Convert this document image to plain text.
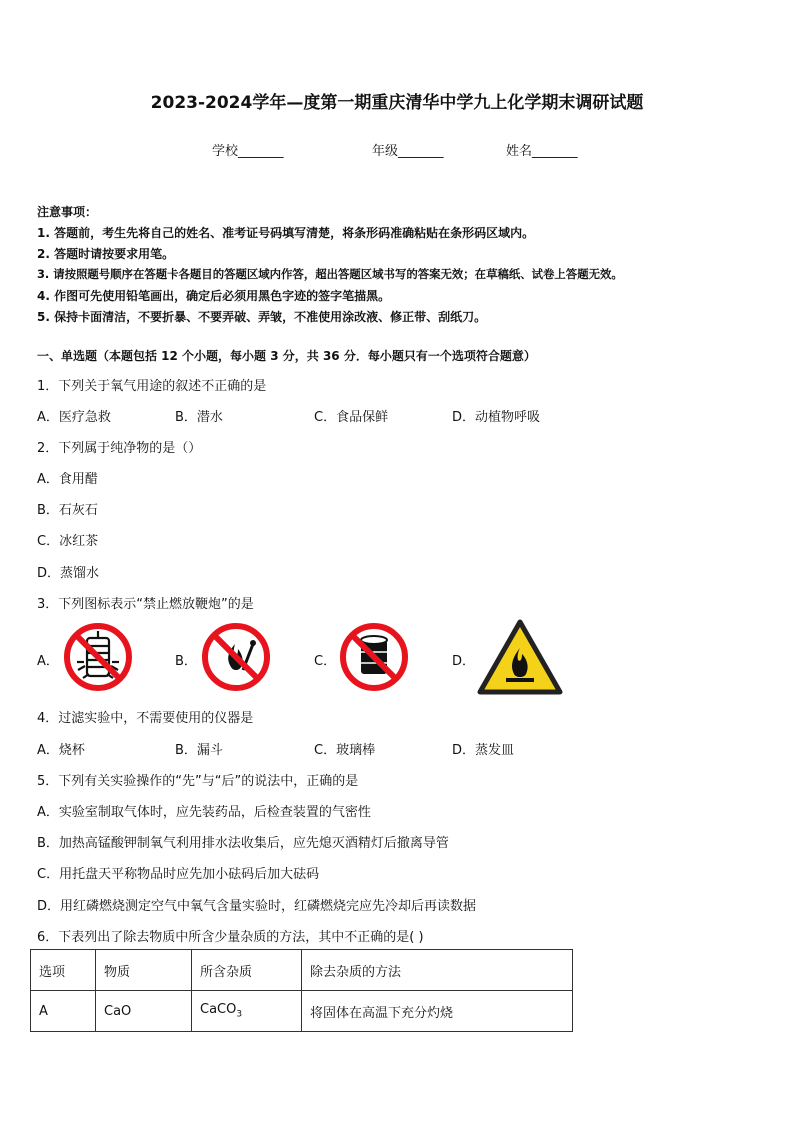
2023-2024学年—度第一期重庆清华中学九上化学期末调研试题
学校_______	年级_______	姓名_______
注意事项：
1. 答题前，考生先将自己的姓名、准考证号码填写清楚，将条形码准确粘贴在条形码区域内。
2. 答题时请按要求用笔。
3. 请按照题号顺序在答题卡各题目的答题区域内作答，超出答题区域书写的答案无效；在草稿纸、试卷上答题无效。
4. 作图可先使用铅笔画出，确定后必须用黑色字迹的签字笔描黑。
5. 保持卡面清洁，不要折暴、不要弄破、弄皱，不准使用涂改液、修正带、刮纸刀。
一、单选题（本题包括 12 个小题，每小题 3 分，共 36 分．每小题只有一个选项符合题意）
1．下列关于氧气用途的叙述不正确的是
A．医疗急救	B．潜水	C．食品保鲜	D．动植物呼吸
2．下列属于纯净物的是（）
A．食用醋
B．石灰石
C．冰红茶
D．蒸馏水
3．下列图标表示“禁止燃放鞭炮”的是
A．	B．	C．	D．
4．过滤实验中，不需要使用的仪器是
A．烧杯	B．漏斗	C．玻璃棒	D．蒸发皿
5．下列有关实验操作的“先”与“后”的说法中，正确的是
A．实验室制取气体时，应先装药品，后检查装置的气密性
B．加热高锰酸钾制氧气利用排水法收集后，应先熄灭酒精灯后撤离导管
C．用托盘天平称物品时应先加小砝码后加大砝码
D．用红磷燃烧测定空气中氧气含量实验时，红磷燃烧完应先冷却后再读数据
6．下表列出了除去物质中所含少量杂质的方法，其中不正确的是( )
选项	物质	所含杂质	除去杂质的方法
A	CaO	CaCO$_3$	将固体在高温下充分灼烧
